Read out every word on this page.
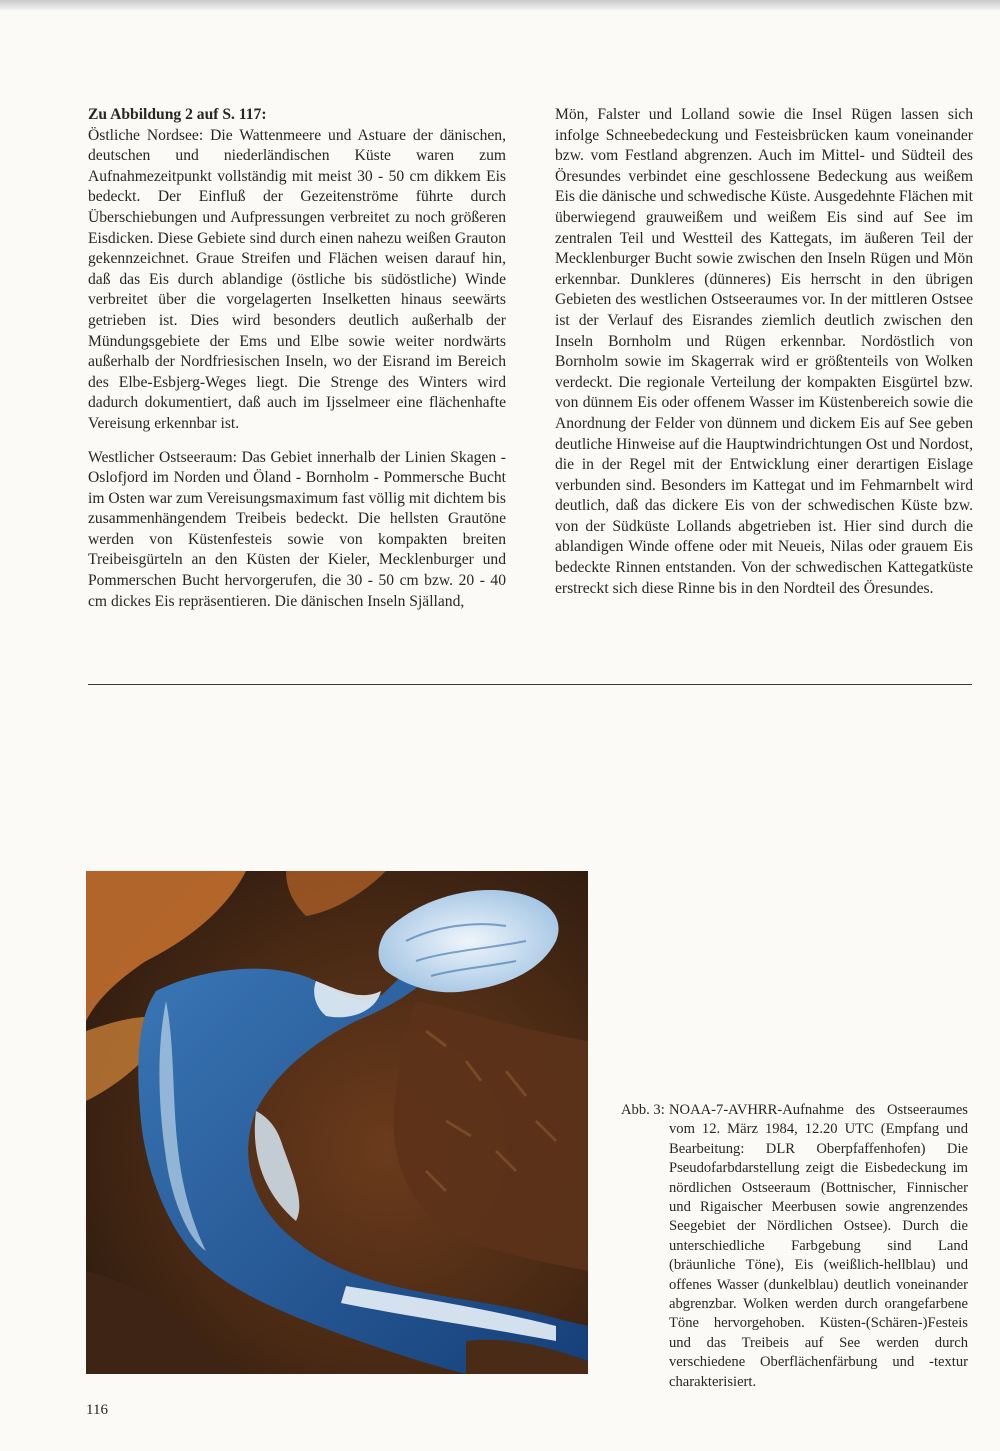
Zu Abbildung 2 auf S. 117:
Östliche Nordsee: Die Wattenmeere und Astuare der dänischen, deutschen und niederländischen Küste waren zum Aufnahmezeitpunkt vollständig mit meist 30 - 50 cm dikkem Eis bedeckt. Der Einfluß der Gezeitenströme führte durch Überschiebungen und Aufpressungen verbreitet zu noch größeren Eisdicken. Diese Gebiete sind durch einen nahezu weißen Grauton gekennzeichnet. Graue Streifen und Flächen weisen darauf hin, daß das Eis durch ablandige (östliche bis südöstliche) Winde verbreitet über die vorgelagerten Inselketten hinaus seewärts getrieben ist. Dies wird besonders deutlich außerhalb der Mündungsgebiete der Ems und Elbe sowie weiter nordwärts außerhalb der Nordfriesischen Inseln, wo der Eisrand im Bereich des Elbe-Esbjerg-Weges liegt. Die Strenge des Winters wird dadurch dokumentiert, daß auch im Ijsselmeer eine flächenhafte Vereisung erkennbar ist.

Westlicher Ostseeraum: Das Gebiet innerhalb der Linien Skagen - Oslofjord im Norden und Öland - Bornholm - Pommersche Bucht im Osten war zum Vereisungsmaximum fast völlig mit dichtem bis zusammenhängendem Treibeis bedeckt. Die hellsten Grautöne werden von Küstenfesteis sowie von kompakten breiten Treibeisgürteln an den Küsten der Kieler, Mecklenburger und Pommerschen Bucht hervorgerufen, die 30 - 50 cm bzw. 20 - 40 cm dickes Eis repräsentieren. Die dänischen Inseln Själland,

Mön, Falster und Lolland sowie die Insel Rügen lassen sich infolge Schneebedeckung und Festeisbrücken kaum voneinander bzw. vom Festland abgrenzen. Auch im Mittel- und Südteil des Öresundes verbindet eine geschlossene Bedeckung aus weißem Eis die dänische und schwedische Küste. Ausgedehnte Flächen mit überwiegend grauweißem und weißem Eis sind auf See im zentralen Teil und Westteil des Kattegats, im äußeren Teil der Mecklenburger Bucht sowie zwischen den Inseln Rügen und Mön erkennbar. Dunkleres (dünneres) Eis herrscht in den übrigen Gebieten des westlichen Ostseeraumes vor. In der mittleren Ostsee ist der Verlauf des Eisrandes ziemlich deutlich zwischen den Inseln Bornholm und Rügen erkennbar. Nordöstlich von Bornholm sowie im Skagerrak wird er größtenteils von Wolken verdeckt. Die regionale Verteilung der kompakten Eisgürtel bzw. von dünnem Eis oder offenem Wasser im Küstenbereich sowie die Anordnung der Felder von dünnem und dickem Eis auf See geben deutliche Hinweise auf die Hauptwindrichtungen Ost und Nordost, die in der Regel mit der Entwicklung einer derartigen Eislage verbunden sind. Besonders im Kattegat und im Fehmarnbelt wird deutlich, daß das dickere Eis von der schwedischen Küste bzw. von der Südküste Lollands abgetrieben ist. Hier sind durch die ablandigen Winde offene oder mit Neueis, Nilas oder grauem Eis bedeckte Rinnen entstanden. Von der schwedischen Kattegatküste erstreckt sich diese Rinne bis in den Nordteil des Öresundes.

Abb. 3: NOAA-7-AVHRR-Aufnahme des Ostseeraumes vom 12. März 1984, 12.20 UTC (Empfang und Bearbeitung: DLR Oberpfaffenhofen) Die Pseudofarbdarstellung zeigt die Eisbedeckung im nördlichen Ostseeraum (Bottnischer, Finnischer und Rigaischer Meerbusen sowie angrenzendes Seegebiet der Nördlichen Ostsee). Durch die unterschiedliche Farbgebung sind Land (bräunliche Töne), Eis (weißlich-hellblau) und offenes Wasser (dunkelblau) deutlich voneinander abgrenzbar. Wolken werden durch orangefarbene Töne hervorgehoben. Küsten-(Schären-)Festeis und das Treibeis auf See werden durch verschiedene Oberflächenfärbung und -textur charakterisiert.
116
